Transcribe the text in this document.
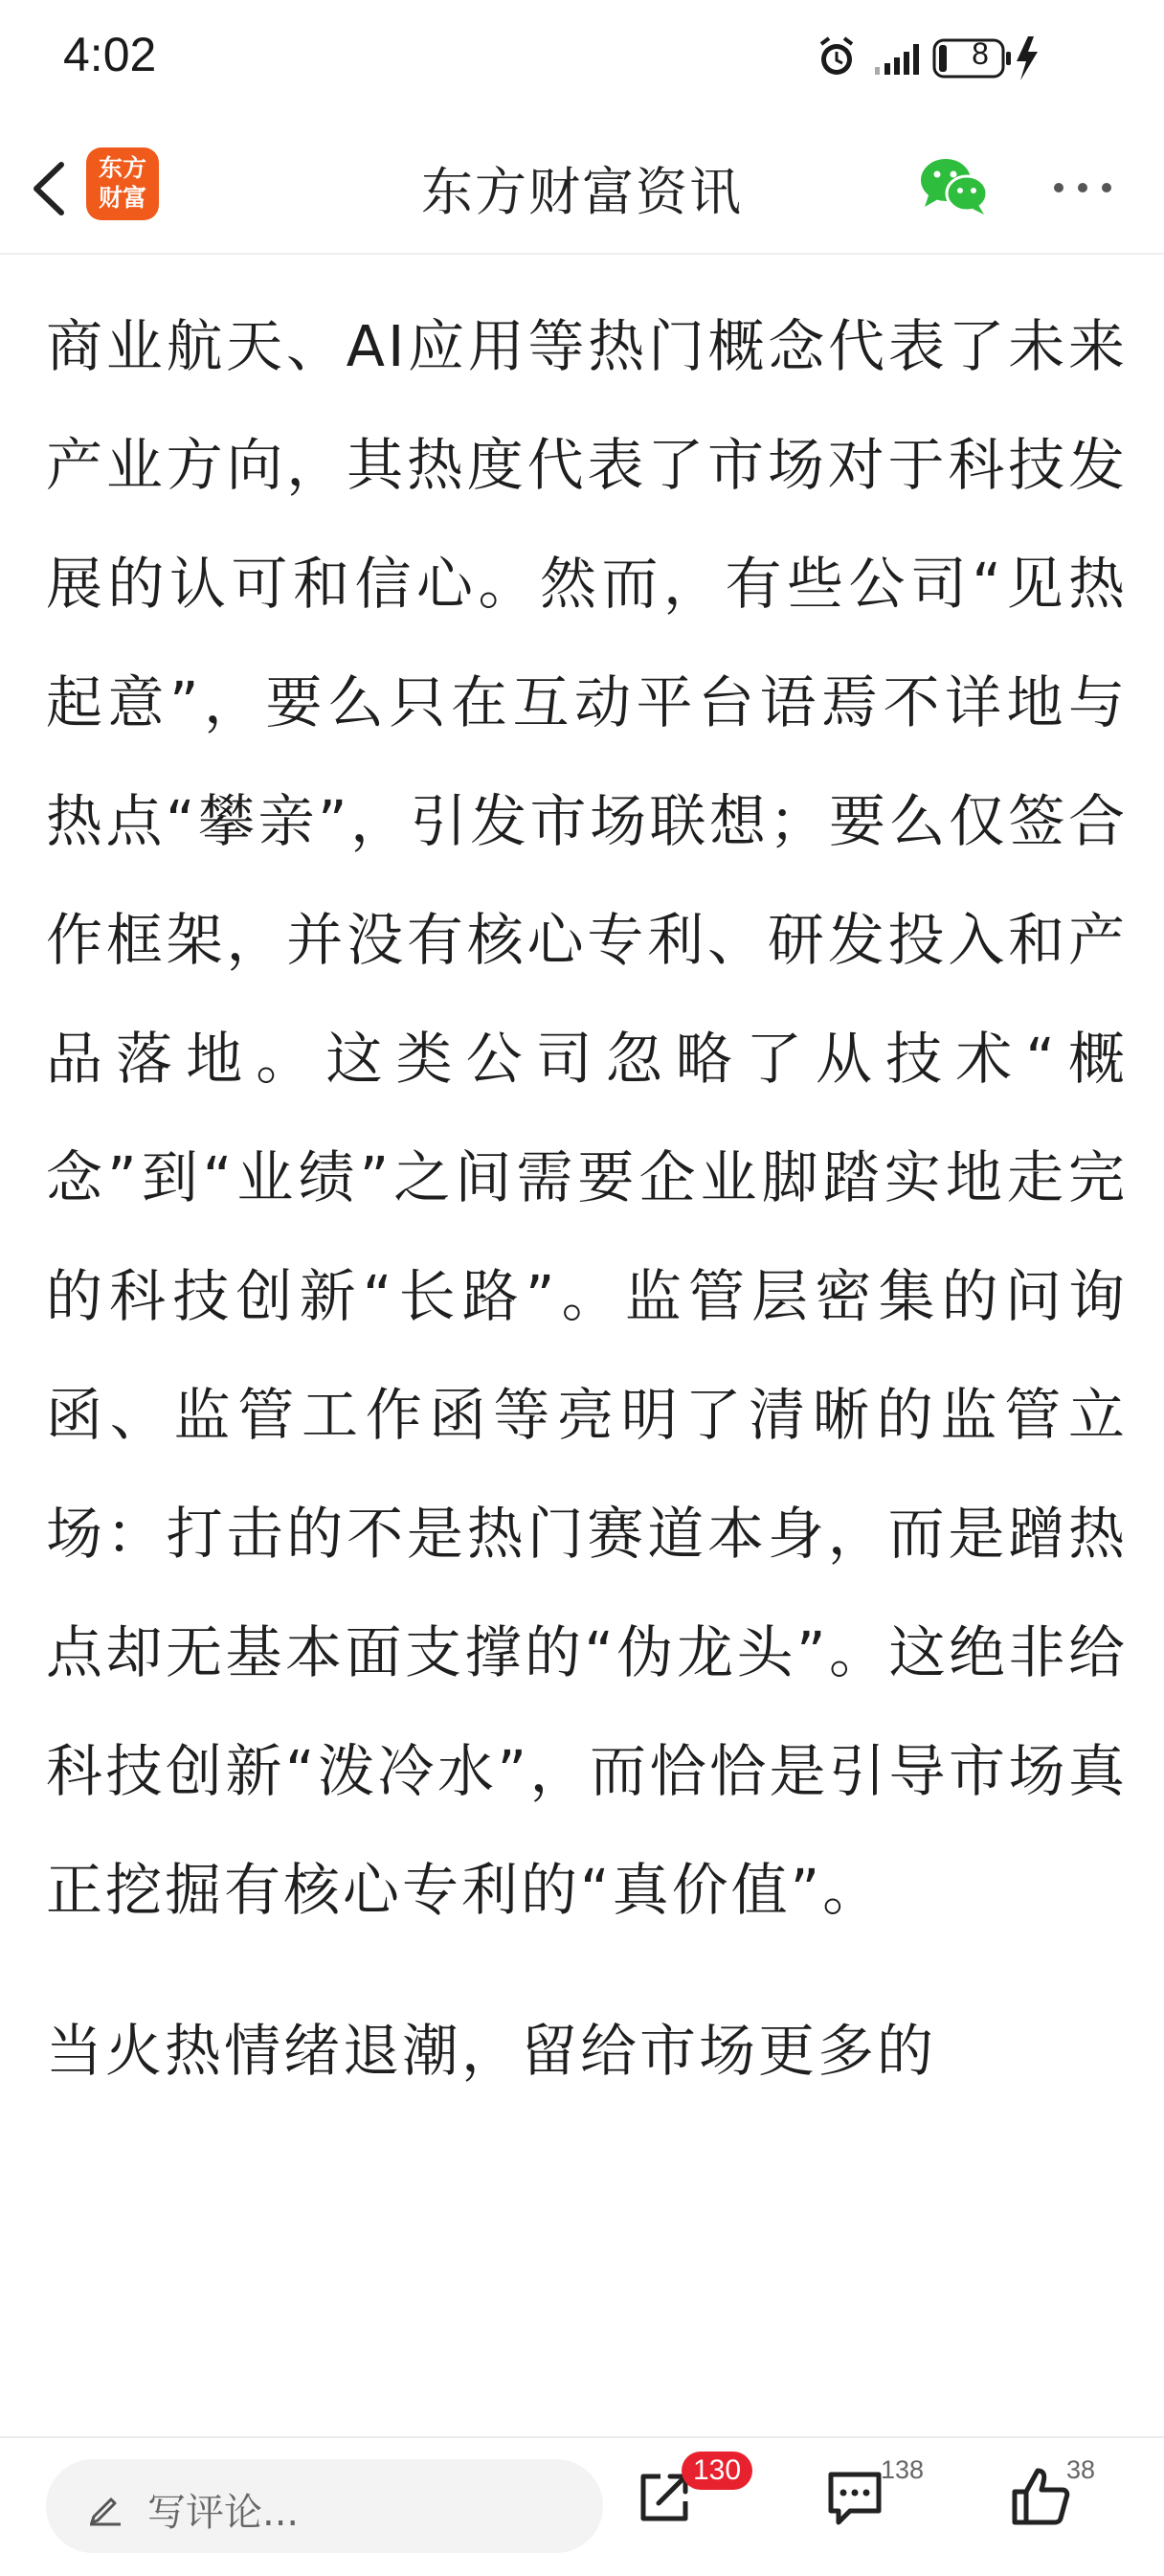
4:02	8
东方财富	东方财富资讯

商业航天、AI应用等热门概念代表了未来产业方向，其热度代表了市场对于科技发展的认可和信心。然而，有些公司“见热起意”，要么只在互动平台语焉不详地与热点“攀亲”，引发市场联想；要么仅签合作框架，并没有核心专利、研发投入和产品落地。这类公司忽略了从技术“概念”到“业绩”之间需要企业脚踏实地走完的科技创新“长路”。监管层密集的问询函、监管工作函等亮明了清晰的监管立场：打击的不是热门赛道本身，而是蹭热点却无基本面支撑的“伪龙头”。这绝非给科技创新“泼冷水”，而恰恰是引导市场真正挖掘有核心专利的“真价值”。

当火热情绪退潮，留给市场更多的

写评论...
130	138	38
